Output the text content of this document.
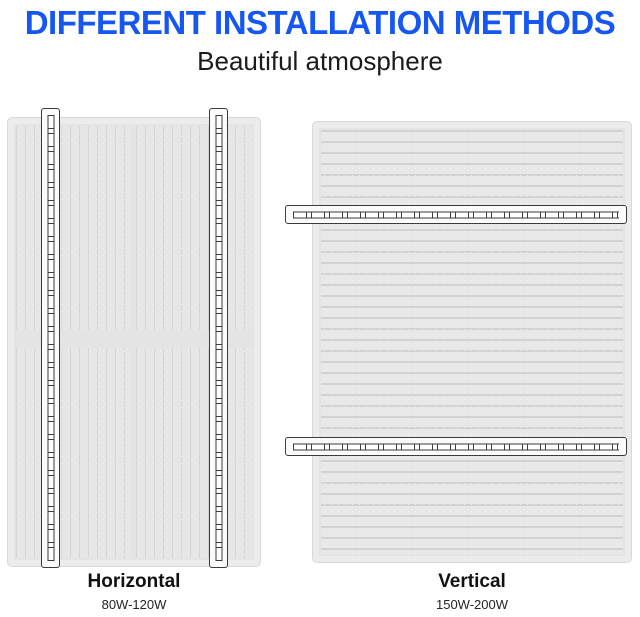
DIFFERENT INSTALLATION METHODS
Beautiful atmosphere
Horizontal
80W-120W
Vertical
150W-200W
